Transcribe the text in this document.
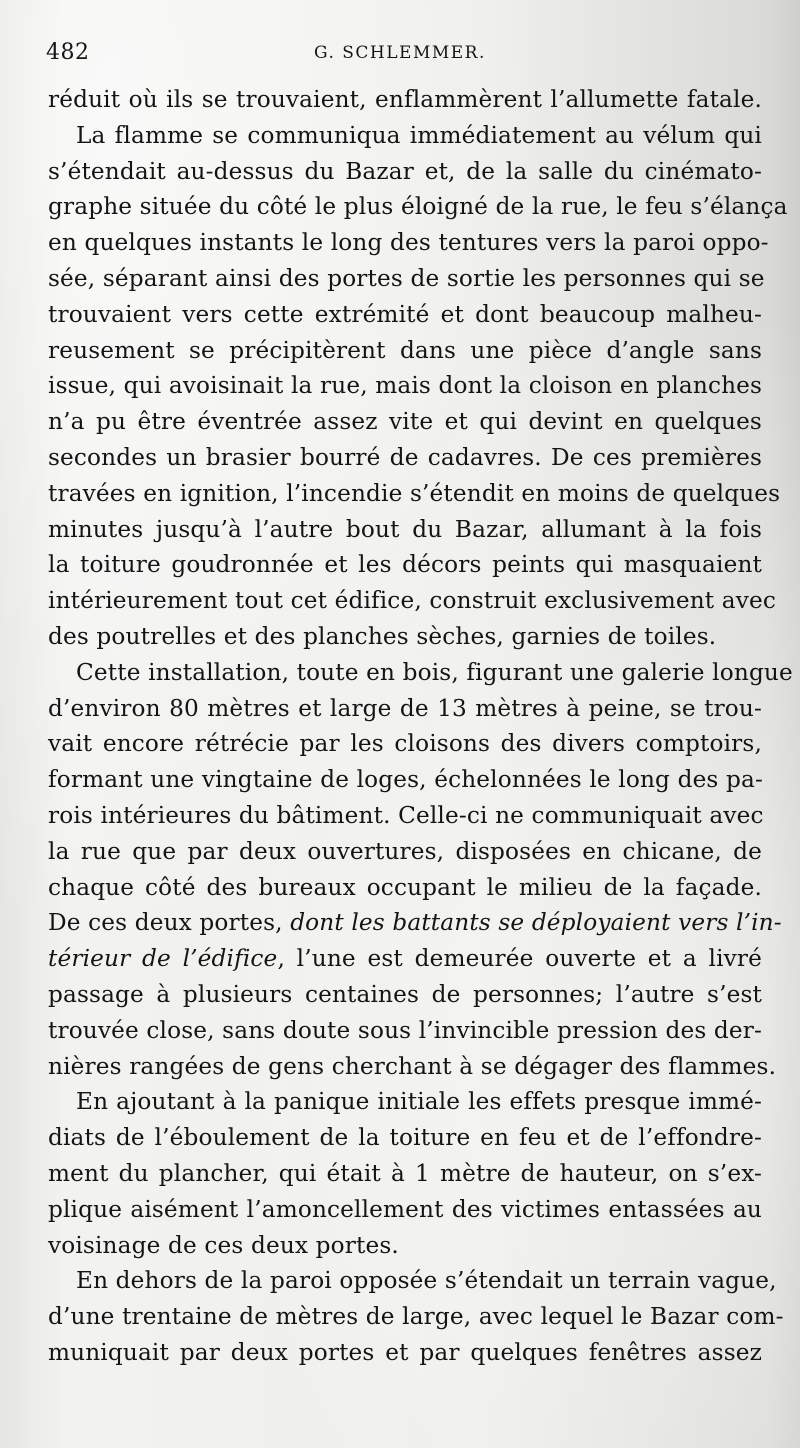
482	G. SCHLEMMER.
réduit où ils se trouvaient, enflammèrent l’allumette fatale.
La flamme se communiqua immédiatement au vélum qui
s’étendait au-dessus du Bazar et, de la salle du cinémato-
graphe située du côté le plus éloigné de la rue, le feu s’élança
en quelques instants le long des tentures vers la paroi oppo-
sée, séparant ainsi des portes de sortie les personnes qui se
trouvaient vers cette extrémité et dont beaucoup malheu-
reusement se précipitèrent dans une pièce d’angle sans
issue, qui avoisinait la rue, mais dont la cloison en planches
n’a pu être éventrée assez vite et qui devint en quelques
secondes un brasier bourré de cadavres. De ces premières
travées en ignition, l’incendie s’étendit en moins de quelques
minutes jusqu’à l’autre bout du Bazar, allumant à la fois
la toiture goudronnée et les décors peints qui masquaient
intérieurement tout cet édifice, construit exclusivement avec
des poutrelles et des planches sèches, garnies de toiles.
Cette installation, toute en bois, figurant une galerie longue
d’environ 80 mètres et large de 13 mètres à peine, se trou-
vait encore rétrécie par les cloisons des divers comptoirs,
formant une vingtaine de loges, échelonnées le long des pa-
rois intérieures du bâtiment. Celle-ci ne communiquait avec
la rue que par deux ouvertures, disposées en chicane, de
chaque côté des bureaux occupant le milieu de la façade.
De ces deux portes, dont les battants se déployaient vers l’in-
térieur de l’édifice, l’une est demeurée ouverte et a livré
passage à plusieurs centaines de personnes; l’autre s’est
trouvée close, sans doute sous l’invincible pression des der-
nières rangées de gens cherchant à se dégager des flammes.
En ajoutant à la panique initiale les effets presque immé-
diats de l’éboulement de la toiture en feu et de l’effondre-
ment du plancher, qui était à 1 mètre de hauteur, on s’ex-
plique aisément l’amoncellement des victimes entassées au
voisinage de ces deux portes.
En dehors de la paroi opposée s’étendait un terrain vague,
d’une trentaine de mètres de large, avec lequel le Bazar com-
muniquait par deux portes et par quelques fenêtres assez
